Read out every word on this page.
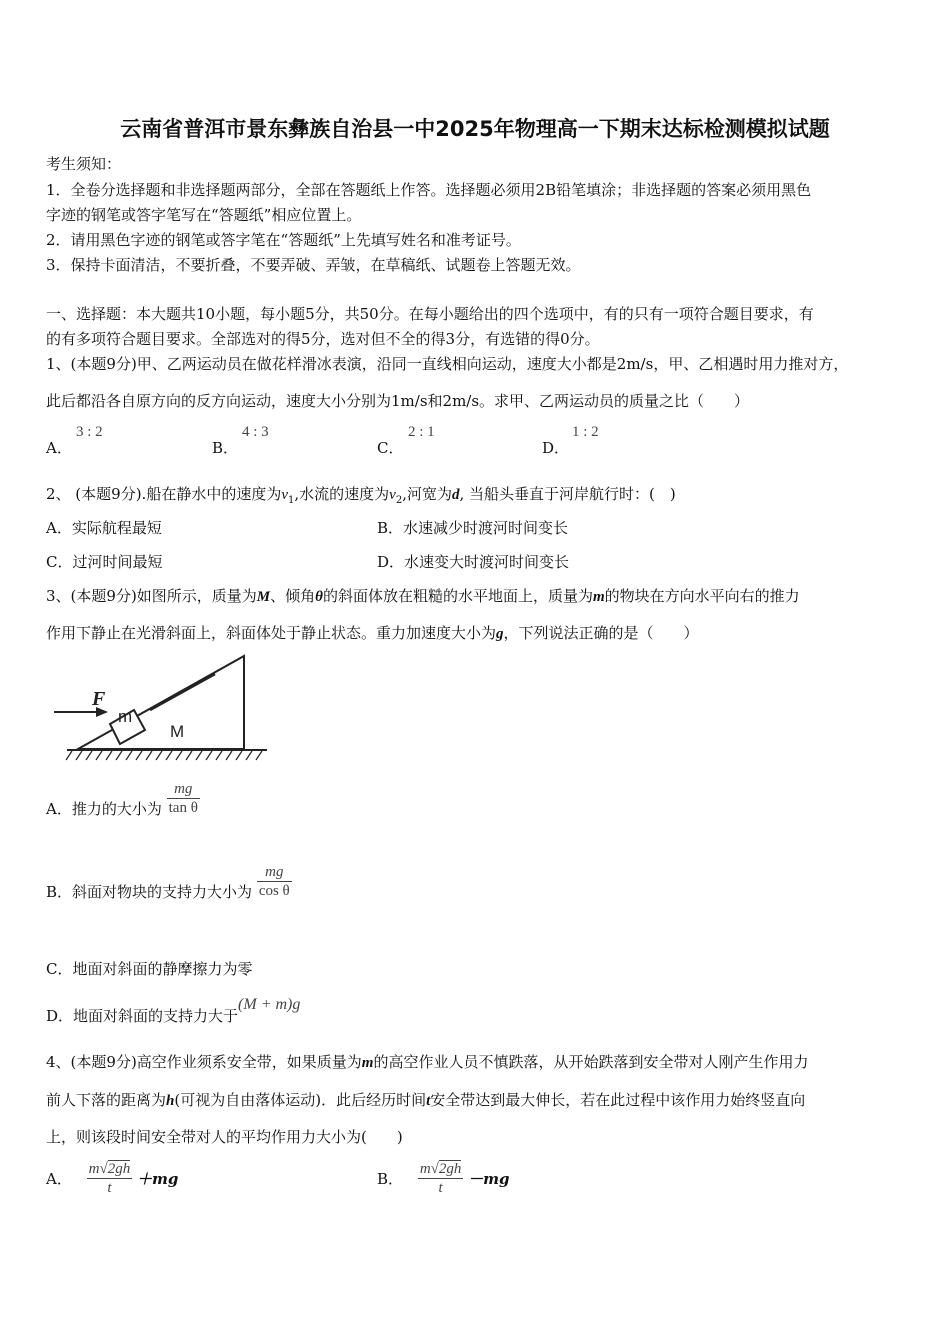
云南省普洱市景东彝族自治县一中2025年物理高一下期末达标检测模拟试题
考生须知：
1．全卷分选择题和非选择题两部分，全部在答题纸上作答。选择题必须用2B铅笔填涂；非选择题的答案必须用黑色
字迹的钢笔或答字笔写在“答题纸”相应位置上。
2．请用黑色字迹的钢笔或答字笔在“答题纸”上先填写姓名和准考证号。
3．保持卡面清洁，不要折叠，不要弄破、弄皱，在草稿纸、试题卷上答题无效。
一、选择题：本大题共10小题，每小题5分，共50分。在每小题给出的四个选项中，有的只有一项符合题目要求，有
的有多项符合题目要求。全部选对的得5分，选对但不全的得3分，有选错的得0分。
1、(本题9分)甲、乙两运动员在做花样滑冰表演，沿同一直线相向运动，速度大小都是2m/s，甲、乙相遇时用力推对方，
此后都沿各自原方向的反方向运动，速度大小分别为1m/s和2m/s。求甲、乙两运动员的质量之比（　　）
A．
3 : 2
B．
4 : 3
C．
2 : 1
D．
1 : 2
2、 (本题9分).船在静水中的速度为$v_1$,水流的速度为$v_2$,河宽为d, 当船头垂直于河岸航行时：(　)
A．实际航程最短	B．水速减少时渡河时间变长
C．过河时间最短	D．水速变大时渡河时间变长
3、(本题9分)如图所示，质量为M、倾角θ的斜面体放在粗糙的水平地面上，质量为m的物块在方向水平向右的推力
作用下静止在光滑斜面上，斜面体处于静止状态。重力加速度大小为g，下列说法正确的是（　　）
F
m
M
A．推力的大小为 $\frac{mg}{\text{tan θ}}$
B．斜面对物块的支持力大小为 $\frac{mg}{\text{cos θ}}$
C．地面对斜面的静摩擦力为零
D．地面对斜面的支持力大于(M + m)g
4、(本题9分)高空作业须系安全带，如果质量为m的高空作业人员不慎跌落，从开始跌落到安全带对人刚产生作用力
前人下落的距离为h(可视为自由落体运动)．此后经历时间t安全带达到最大伸长，若在此过程中该作用力始终竖直向
上，则该段时间安全带对人的平均作用力大小为(　　)
A． $\frac{m√2gh}{t} +mg$	B． $\frac{m√2gh}{t} -mg$
